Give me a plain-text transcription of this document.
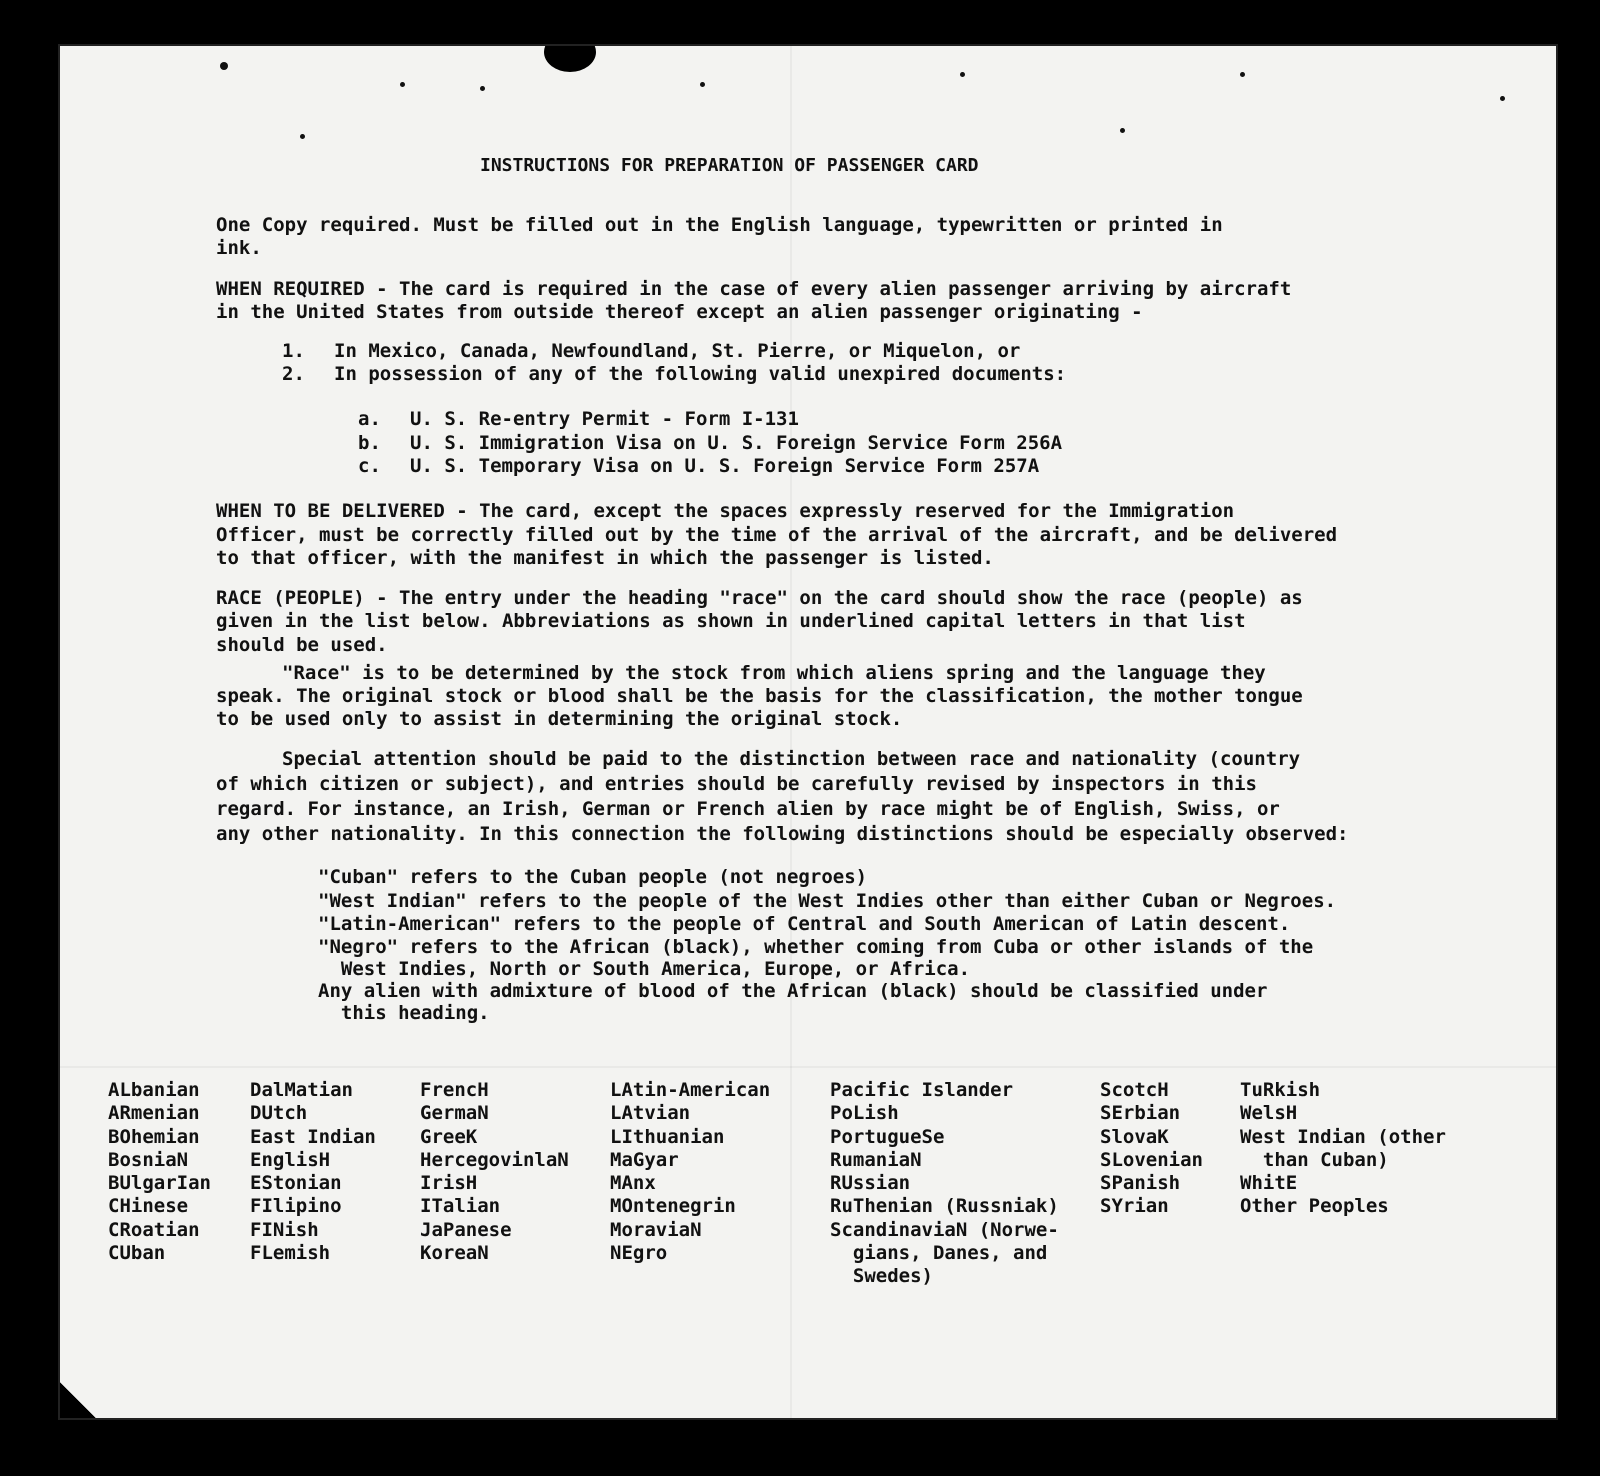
INSTRUCTIONS FOR PREPARATION OF PASSENGER CARD

One Copy required. Must be filled out in the English language, typewritten or printed in

ink.

WHEN REQUIRED - The card is required in the case of every alien passenger arriving by aircraft

in the United States from outside thereof except an alien passenger originating -

1. In Mexico, Canada, Newfoundland, St. Pierre, or Miquelon, or

2. In possession of any of the following valid unexpired documents:

a. U. S. Re-entry Permit - Form I-131

b. U. S. Immigration Visa on U. S. Foreign Service Form 256A

c. U. S. Temporary Visa on U. S. Foreign Service Form 257A

WHEN TO BE DELIVERED - The card, except the spaces expressly reserved for the Immigration

Officer, must be correctly filled out by the time of the arrival of the aircraft, and be delivered

to that officer, with the manifest in which the passenger is listed.

RACE (PEOPLE) - The entry under the heading "race" on the card should show the race (people) as

given in the list below. Abbreviations as shown in underlined capital letters in that list

should be used.

"Race" is to be determined by the stock from which aliens spring and the language they

speak. The original stock or blood shall be the basis for the classification, the mother tongue

to be used only to assist in determining the original stock.

Special attention should be paid to the distinction between race and nationality (country

of which citizen or subject), and entries should be carefully revised by inspectors in this

regard. For instance, an Irish, German or French alien by race might be of English, Swiss, or

any other nationality. In this connection the following distinctions should be especially observed:

"Cuban" refers to the Cuban people (not negroes)

"West Indian" refers to the people of the West Indies other than either Cuban or Negroes.

"Latin-American" refers to the people of Central and South American of Latin descent.

"Negro" refers to the African (black), whether coming from Cuba or other islands of the

West Indies, North or South America, Europe, or Africa.

Any alien with admixture of blood of the African (black) should be classified under

this heading.

ALbanian
ARmenian
BOhemian
BosniaN
BUlgarIan
CHinese
CRoatian
CUban
DalMatian
DUtch
East Indian
EnglisH
EStonian
FIlipino
FINish
FLemish
FrencH
GermaN
GreeK
HercegovinlaN
IrisH
ITalian
JaPanese
KoreaN
LAtin-American
LAtvian
LIthuanian
MaGyar
MAnx
MOntenegrin
MoraviaN
NEgro
Pacific Islander
PoLish
PortugueSe
RumaniaN
RUssian
RuThenian (Russniak)
ScandinaviaN (Norwe-
gians, Danes, and
Swedes)
ScotcH
SErbian
SlovaK
SLovenian
SPanish
SYrian
TuRkish
WelsH
West Indian (other
than Cuban)
WhitE
Other Peoples
